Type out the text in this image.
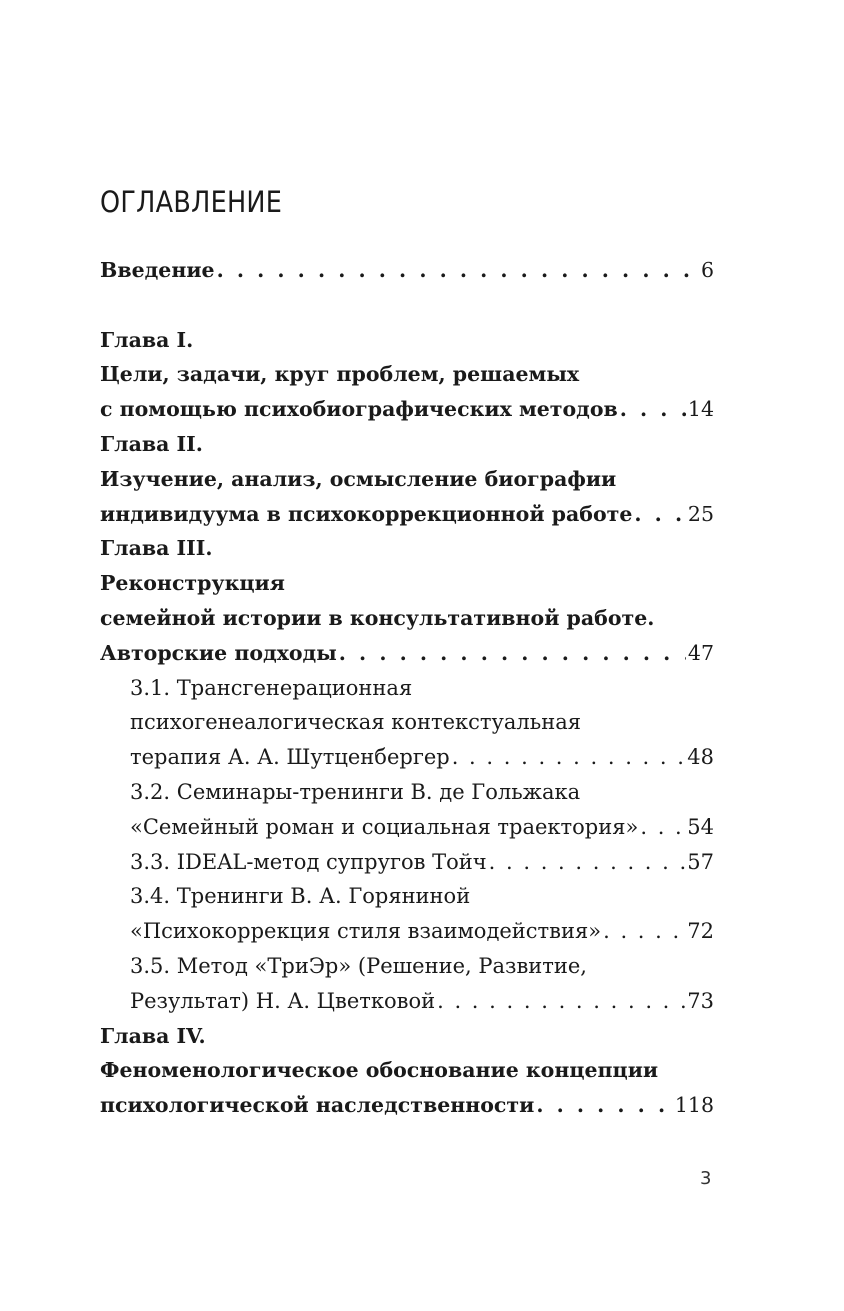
ОГЛАВЛЕНИЕ
Введение . . .	6
Глава I.
Цели, задачи, круг проблем, решаемых
с помощью психобиографических методов . . .	14
Глава II.
Изучение, анализ, осмысление биографии
индивидуума в психокоррекционной работе . . .	25
Глава III.
Реконструкция
семейной истории в консультативной работе.
Авторские подходы . . .	47
3.1. Трансгенерационная
психогенеалогическая контекстуальная
терапия А. А. Шутценбергер . . .	48
3.2. Семинары-тренинги В. де Гольжака
«Семейный роман и социальная траектория» . . . 54
3.3. IDEAL-метод супругов Тойч . . .	57
3.4. Тренинги В. А. Горяниной
«Психокоррекция стиля взаимодействия» . . .	72
3.5. Метод «ТриЭр» (Решение, Развитие,
Результат) Н. А. Цветковой . . .	73
Глава IV.
Феноменологическое обоснование концепции
психологической наследственности . . .	118
3
